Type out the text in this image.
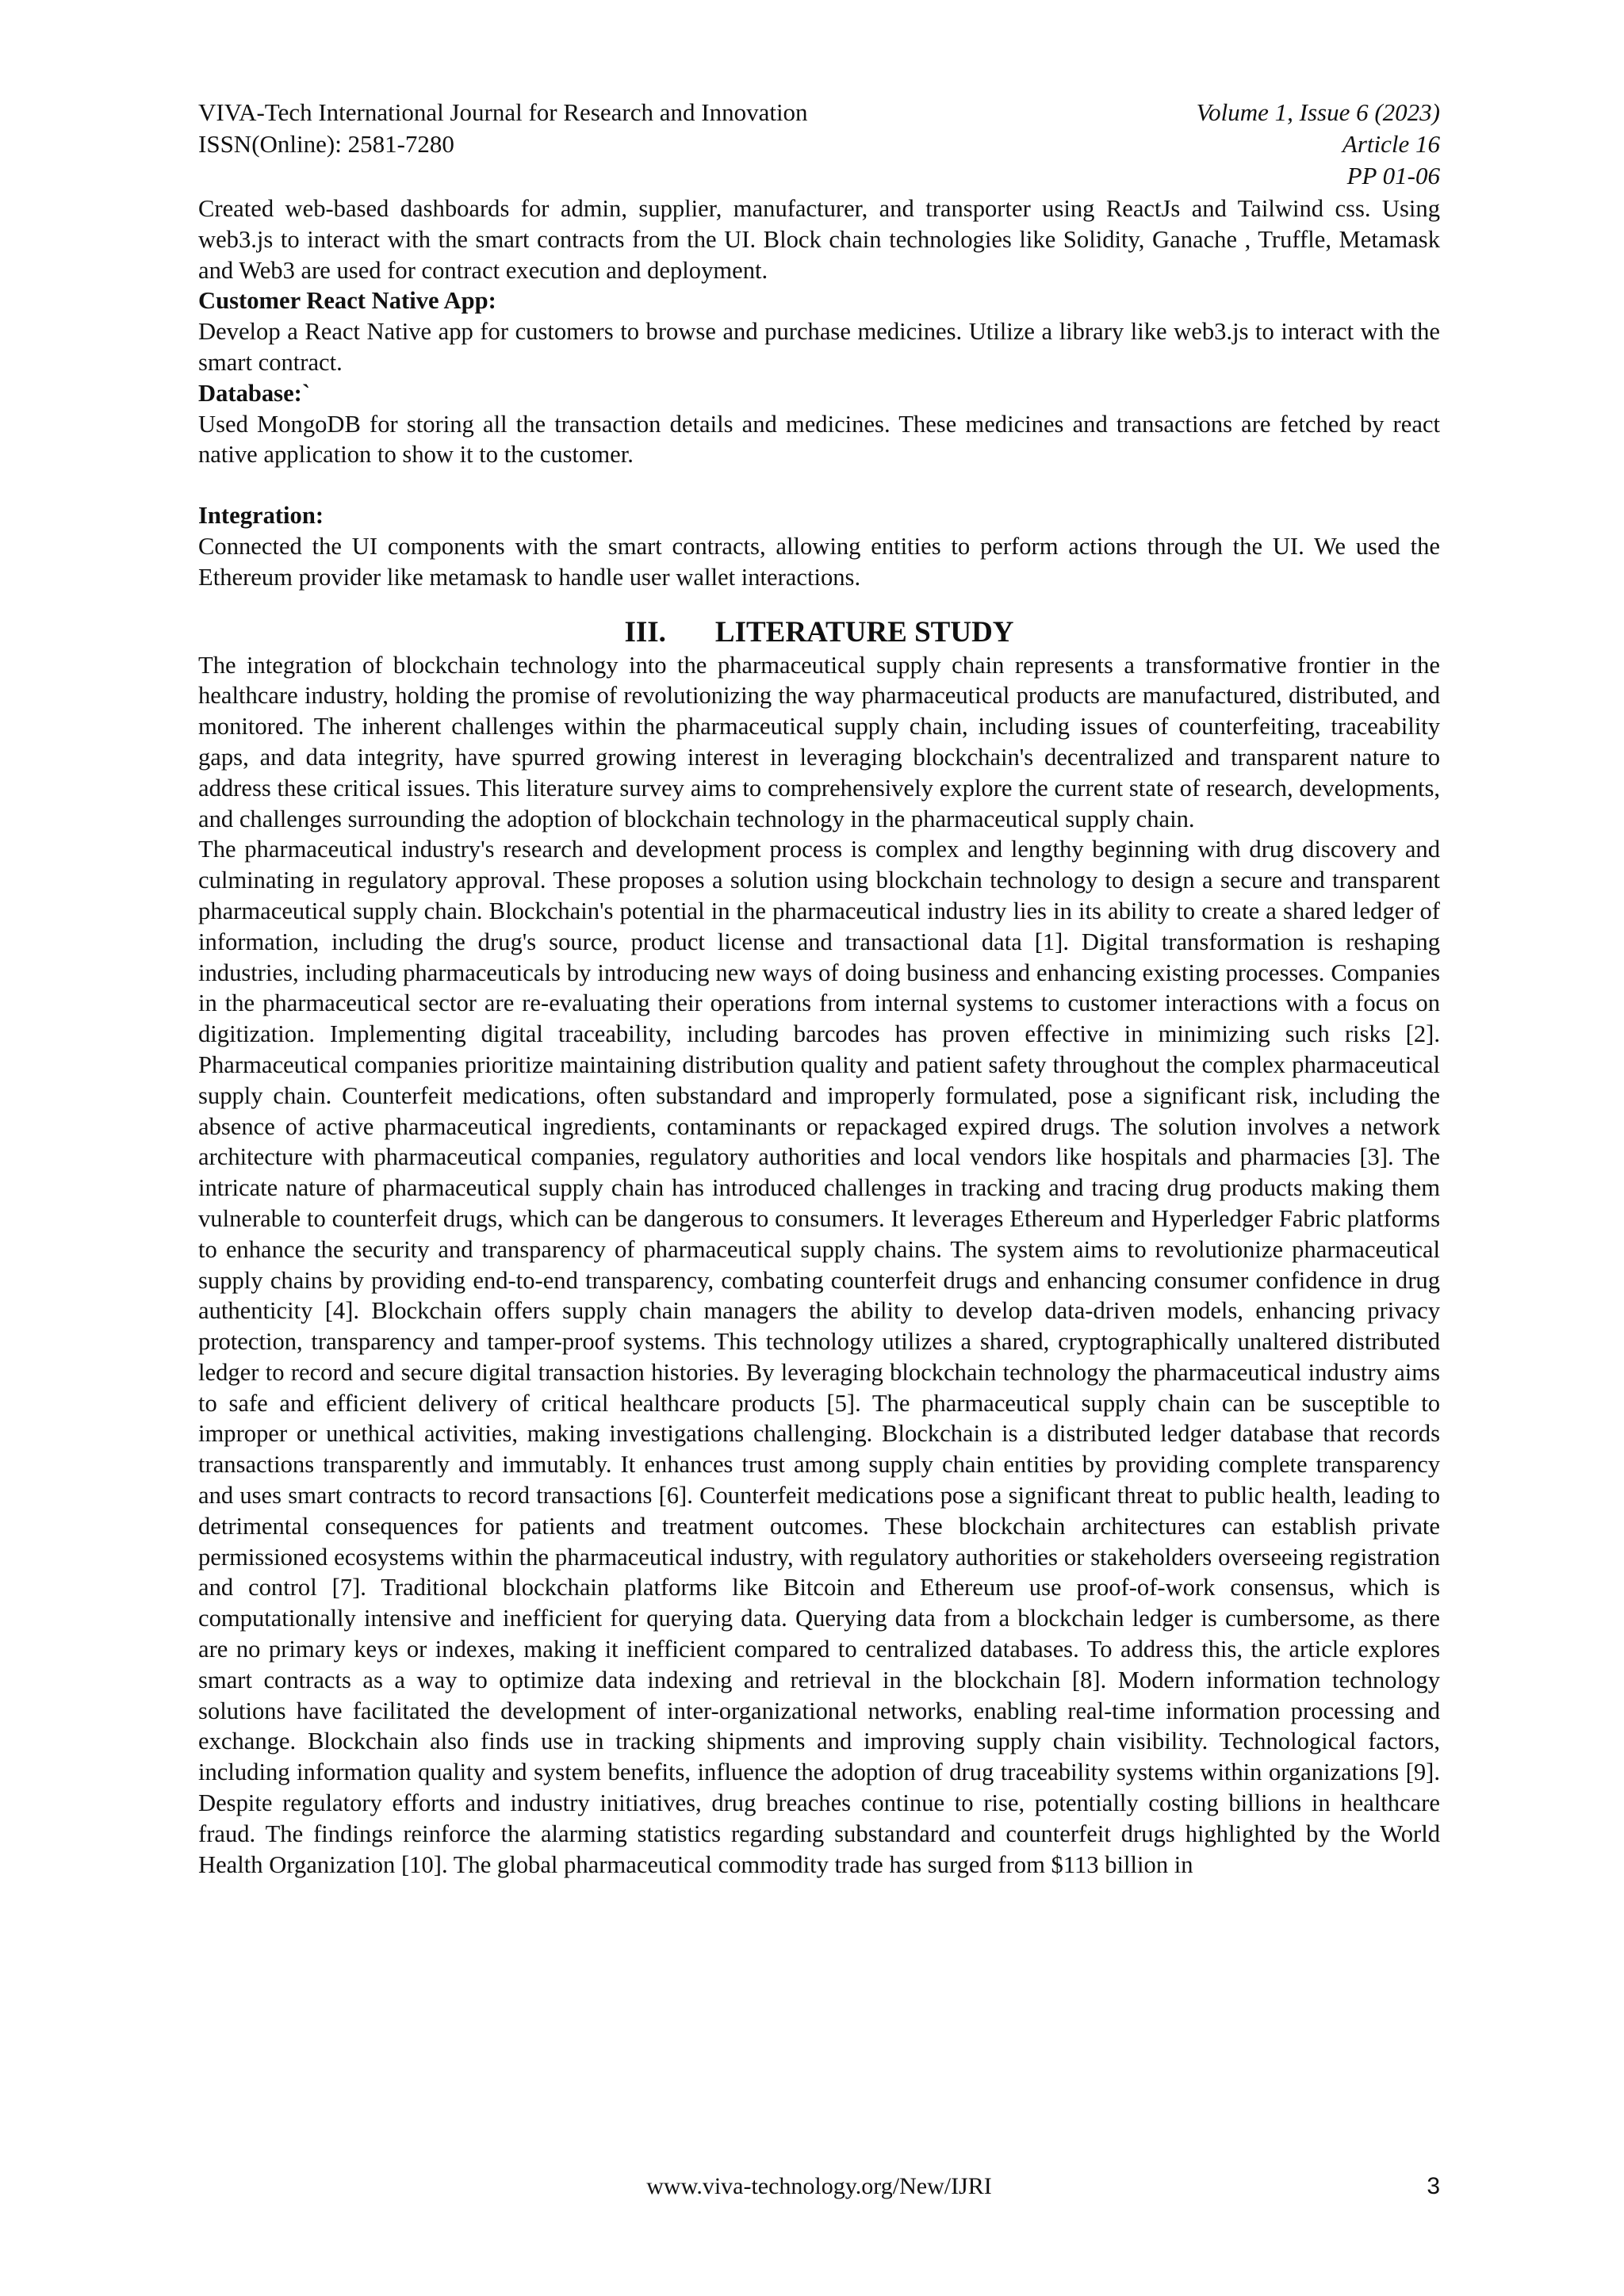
VIVA-Tech International Journal for Research and Innovation
ISSN(Online): 2581-7280
Volume 1, Issue 6 (2023)
Article 16
PP 01-06

Created web-based dashboards for admin, supplier, manufacturer, and transporter using ReactJs and Tailwind css. Using web3.js to interact with the smart contracts from the UI. Block chain technologies like Solidity, Ganache , Truffle, Metamask and Web3 are used for contract execution and deployment.

Customer React Native App:

Develop a React Native app for customers to browse and purchase medicines. Utilize a library like web3.js to interact with the smart contract.

Database:`

Used MongoDB for storing all the transaction details and medicines. These medicines and transactions are fetched by react native application to show it to the customer.

Integration:

Connected the UI components with the smart contracts, allowing entities to perform actions through the UI. We used the Ethereum provider like metamask to handle user wallet interactions.

III. LITERATURE STUDY

The integration of blockchain technology into the pharmaceutical supply chain represents a transformative frontier in the healthcare industry, holding the promise of revolutionizing the way pharmaceutical products are manufactured, distributed, and monitored. The inherent challenges within the pharmaceutical supply chain, including issues of counterfeiting, traceability gaps, and data integrity, have spurred growing interest in leveraging blockchain's decentralized and transparent nature to address these critical issues. This literature survey aims to comprehensively explore the current state of research, developments, and challenges surrounding the adoption of blockchain technology in the pharmaceutical supply chain.

The pharmaceutical industry's research and development process is complex and lengthy beginning with drug discovery and culminating in regulatory approval. These proposes a solution using blockchain technology to design a secure and transparent pharmaceutical supply chain. Blockchain's potential in the pharmaceutical industry lies in its ability to create a shared ledger of information, including the drug's source, product license and transactional data [1]. Digital transformation is reshaping industries, including pharmaceuticals by introducing new ways of doing business and enhancing existing processes. Companies in the pharmaceutical sector are re-evaluating their operations from internal systems to customer interactions with a focus on digitization. Implementing digital traceability, including barcodes has proven effective in minimizing such risks [2]. Pharmaceutical companies prioritize maintaining distribution quality and patient safety throughout the complex pharmaceutical supply chain. Counterfeit medications, often substandard and improperly formulated, pose a significant risk, including the absence of active pharmaceutical ingredients, contaminants or repackaged expired drugs. The solution involves a network architecture with pharmaceutical companies, regulatory authorities and local vendors like hospitals and pharmacies [3]. The intricate nature of pharmaceutical supply chain has introduced challenges in tracking and tracing drug products making them vulnerable to counterfeit drugs, which can be dangerous to consumers. It leverages Ethereum and Hyperledger Fabric platforms to enhance the security and transparency of pharmaceutical supply chains. The system aims to revolutionize pharmaceutical supply chains by providing end-to-end transparency, combating counterfeit drugs and enhancing consumer confidence in drug authenticity [4]. Blockchain offers supply chain managers the ability to develop data-driven models, enhancing privacy protection, transparency and tamper-proof systems. This technology utilizes a shared, cryptographically unaltered distributed ledger to record and secure digital transaction histories. By leveraging blockchain technology the pharmaceutical industry aims to safe and efficient delivery of critical healthcare products [5]. The pharmaceutical supply chain can be susceptible to improper or unethical activities, making investigations challenging. Blockchain is a distributed ledger database that records transactions transparently and immutably. It enhances trust among supply chain entities by providing complete transparency and uses smart contracts to record transactions [6]. Counterfeit medications pose a significant threat to public health, leading to detrimental consequences for patients and treatment outcomes. These blockchain architectures can establish private permissioned ecosystems within the pharmaceutical industry, with regulatory authorities or stakeholders overseeing registration and control [7]. Traditional blockchain platforms like Bitcoin and Ethereum use proof-of-work consensus, which is computationally intensive and inefficient for querying data. Querying data from a blockchain ledger is cumbersome, as there are no primary keys or indexes, making it inefficient compared to centralized databases. To address this, the article explores smart contracts as a way to optimize data indexing and retrieval in the blockchain [8]. Modern information technology solutions have facilitated the development of inter-organizational networks, enabling real-time information processing and exchange. Blockchain also finds use in tracking shipments and improving supply chain visibility. Technological factors, including information quality and system benefits, influence the adoption of drug traceability systems within organizations [9]. Despite regulatory efforts and industry initiatives, drug breaches continue to rise, potentially costing billions in healthcare fraud. The findings reinforce the alarming statistics regarding substandard and counterfeit drugs highlighted by the World Health Organization [10]. The global pharmaceutical commodity trade has surged from $113 billion in

www.viva-technology.org/New/IJRI	3
